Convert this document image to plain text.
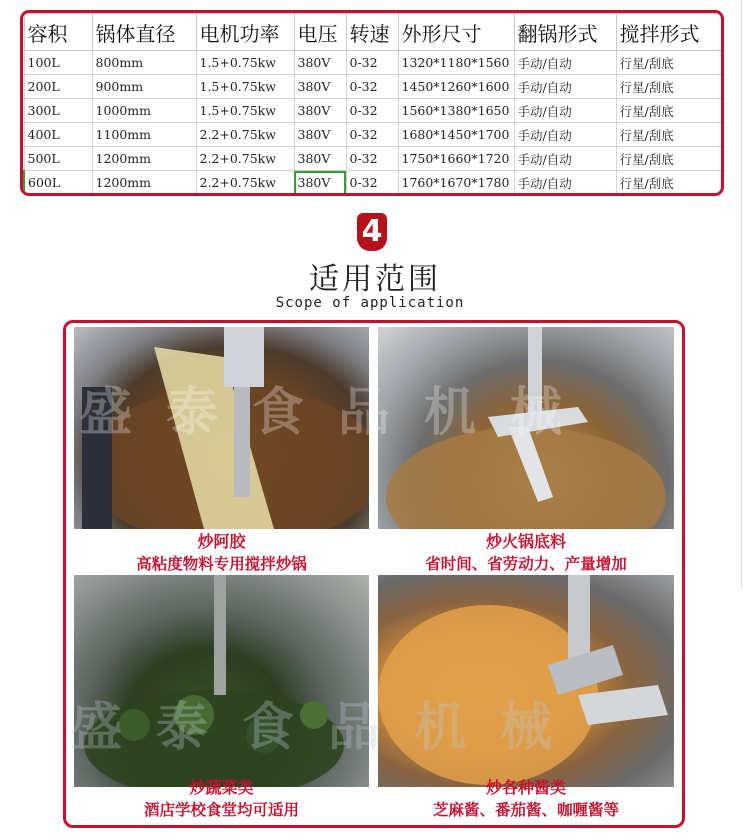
容积	锅体直径	电机功率	电压	转速	外形尺寸	翻锅形式	搅拌形式
100L	800mm	1.5+0.75kw	380V	0-32	1320*1180*1560	手动/自动	行星/刮底
200L	900mm	1.5+0.75kw	380V	0-32	1450*1260*1600	手动/自动	行星/刮底
300L	1000mm	1.5+0.75kw	380V	0-32	1560*1380*1650	手动/自动	行星/刮底
400L	1100mm	2.2+0.75kw	380V	0-32	1680*1450*1700	手动/自动	行星/刮底
500L	1200mm	2.2+0.75kw	380V	0-32	1750*1660*1720	手动/自动	行星/刮底
600L	1200mm	2.2+0.75kw	380V	0-32	1760*1670*1780	手动/自动	行星/刮底
4
适用范围
Scope of application
炒阿胶
高粘度物料专用搅拌炒锅
炒火锅底料
省时间、省劳动力、产量增加
炒蔬菜类
酒店学校食堂均可适用
炒各种酱类
芝麻酱、番茄酱、咖喱酱等
盛泰食品机械
盛泰食品机械
